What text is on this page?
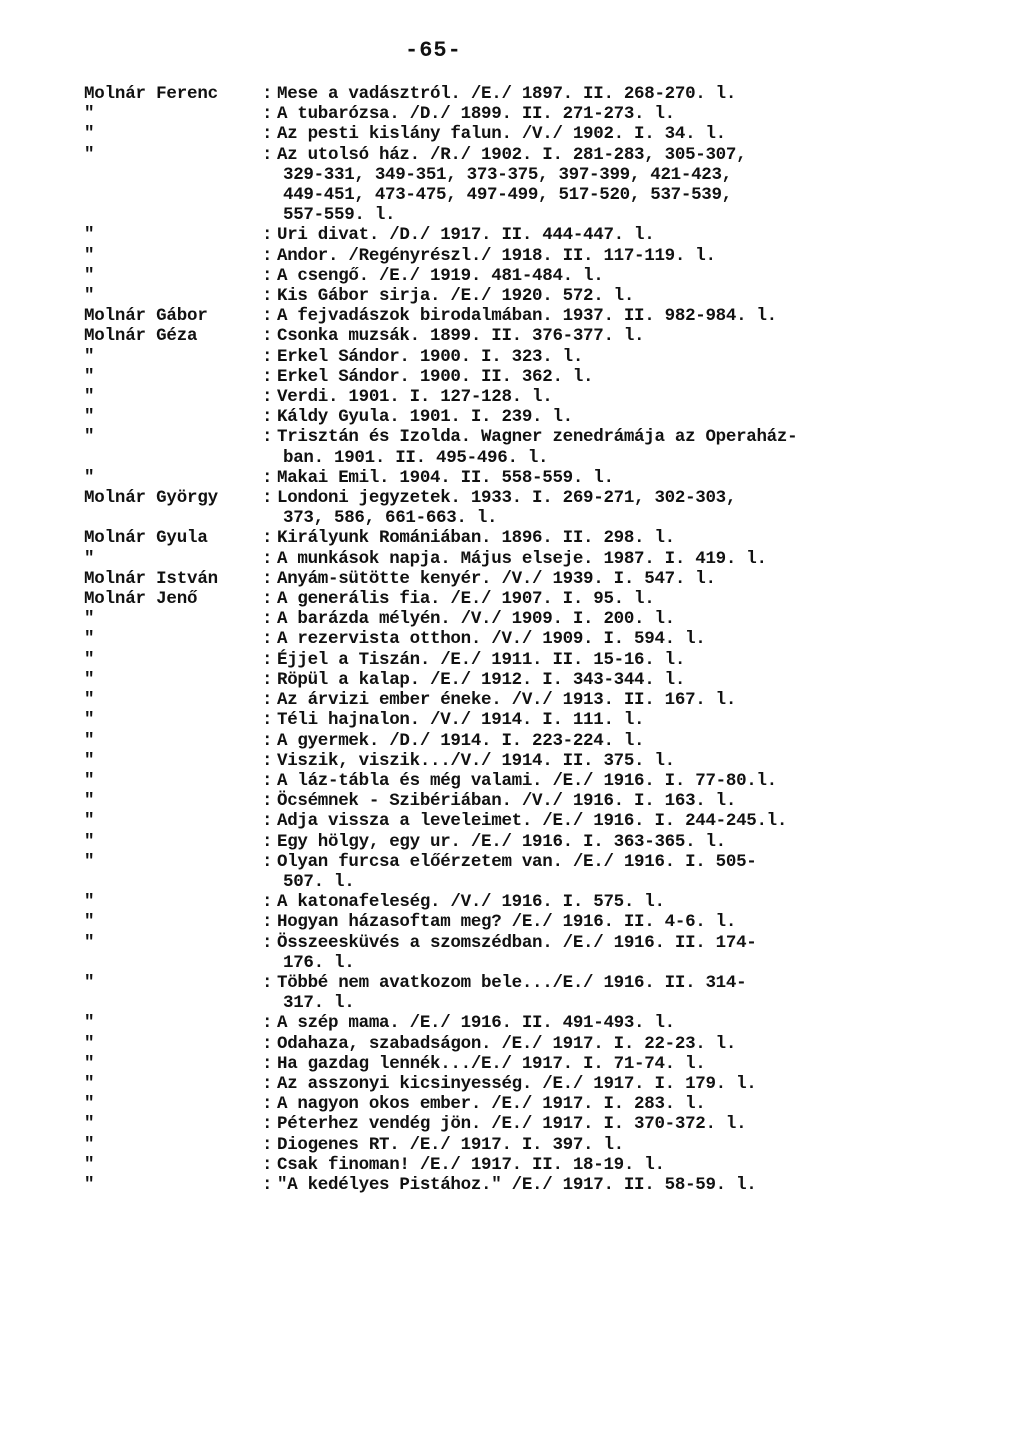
-65-
Molnár Ferenc	: Mese a vadásztról. /E./ 1897. II. 268-270. l.
"	: A tubarózsa. /D./ 1899. II. 271-273. l.
"	: Az pesti kislány falun. /V./ 1902. I. 34. l.
"	: Az utolsó ház. /R./ 1902. I. 281-283, 305-307,
329-331, 349-351, 373-375, 397-399, 421-423,
449-451, 473-475, 497-499, 517-520, 537-539,
557-559. l.
"	: Uri divat. /D./ 1917. II. 444-447. l.
"	: Andor. /Regényrészl./ 1918. II. 117-119. l.
"	: A csengő. /E./ 1919. 481-484. l.
"	: Kis Gábor sirja. /E./ 1920. 572. l.
Molnár Gábor	: A fejvadászok birodalmában. 1937. II. 982-984. l.
Molnár Géza	: Csonka muzsák. 1899. II. 376-377. l.
"	: Erkel Sándor. 1900. I. 323. l.
"	: Erkel Sándor. 1900. II. 362. l.
"	: Verdi. 1901. I. 127-128. l.
"	: Káldy Gyula. 1901. I. 239. l.
"	: Trisztán és Izolda. Wagner zenedrámája az Operaház-
ban. 1901. II. 495-496. l.
"	: Makai Emil. 1904. II. 558-559. l.
Molnár György	: Londoni jegyzetek. 1933. I. 269-271, 302-303,
373, 586, 661-663. l.
Molnár Gyula	: Királyunk Romániában. 1896. II. 298. l.
"	: A munkások napja. Május elseje. 1987. I. 419. l.
Molnár István	: Anyám-sütötte kenyér. /V./ 1939. I. 547. l.
Molnár Jenő	: A generális fia. /E./ 1907. I. 95. l.
"	: A barázda mélyén. /V./ 1909. I. 200. l.
"	: A rezervista otthon. /V./ 1909. I. 594. l.
"	: Éjjel a Tiszán. /E./ 1911. II. 15-16. l.
"	: Röpül a kalap. /E./ 1912. I. 343-344. l.
"	: Az árvizi ember éneke. /V./ 1913. II. 167. l.
"	: Téli hajnalon. /V./ 1914. I. 111. l.
"	: A gyermek. /D./ 1914. I. 223-224. l.
"	: Viszik, viszik.../V./ 1914. II. 375. l.
"	: A láz-tábla és még valami. /E./ 1916. I. 77-80.l.
"	: Öcsémnek - Szibériában. /V./ 1916. I. 163. l.
"	: Adja vissza a leveleimet. /E./ 1916. I. 244-245.l.
"	: Egy hölgy, egy ur. /E./ 1916. I. 363-365. l.
"	: Olyan furcsa előérzetem van. /E./ 1916. I. 505-
507. l.
"	: A katonafeleség. /V./ 1916. I. 575. l.
"	: Hogyan házasoftam meg? /E./ 1916. II. 4-6. l.
"	: Összeesküvés a szomszédban. /E./ 1916. II. 174-
176. l.
"	: Többé nem avatkozom bele.../E./ 1916. II. 314-
317. l.
"	: A szép mama. /E./ 1916. II. 491-493. l.
"	: Odahaza, szabadságon. /E./ 1917. I. 22-23. l.
"	: Ha gazdag lennék.../E./ 1917. I. 71-74. l.
"	: Az asszonyi kicsinyesség. /E./ 1917. I. 179. l.
"	: A nagyon okos ember. /E./ 1917. I. 283. l.
"	: Péterhez vendég jön. /E./ 1917. I. 370-372. l.
"	: Diogenes RT. /E./ 1917. I. 397. l.
"	: Csak finoman! /E./ 1917. II. 18-19. l.
"	: "A kedélyes Pistához." /E./ 1917. II. 58-59. l.
